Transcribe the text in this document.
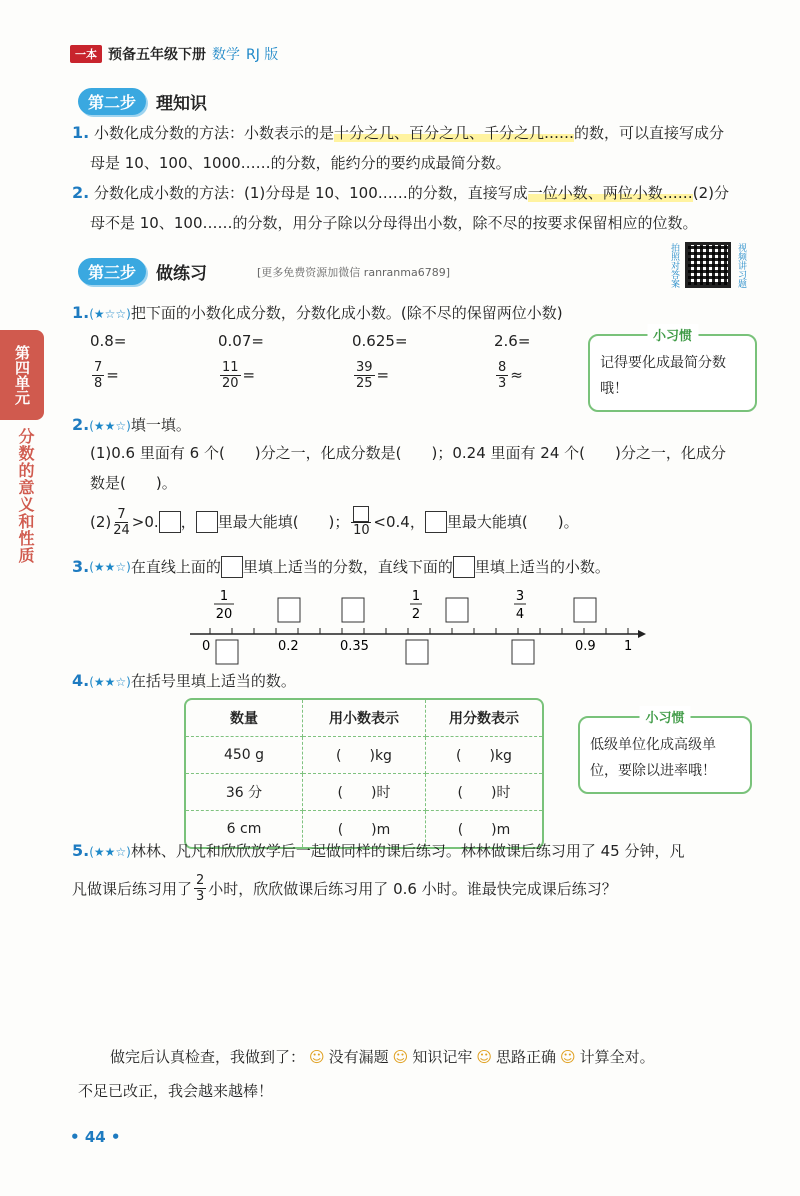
一本 预备五年级下册 数学 RJ 版
第四单元
分数的意义和性质
第二步	理知识
1. 小数化成分数的方法：小数表示的是十分之几、百分之几、千分之几……的数，可以直接写成分
母是 10、100、1000……的分数，能约分的要约成最简分数。
2. 分数化成小数的方法：(1)分母是 10、100……的分数，直接写成一位小数、两位小数……(2)分
母不是 10、100……的分数，用分子除以分母得出小数，除不尽的按要求保留相应的位数。
第三步	做练习	[更多免费资源加微信 ranranma6789]	拍照对答案	视频讲习题
1.(★☆☆)把下面的小数化成分数，分数化成小数。(除不尽的保留两位小数)
0.8=	0.07=	0.625=	2.6=
$\frac{7}{8}$ =	$\frac{11}{20}$ =	$\frac{39}{25}$ =	$\frac{8}{3}$ ≈
小习惯
记得要化成最简分数哦！
2.(★★☆)填一填。
(1)0.6 里面有 6 个(　　)分之一，化成分数是(　　)；0.24 里面有 24 个(　　)分之一，化成分
数是(　　)。
$(2) \frac{7}{24} >0$. ， 里最大能填(　　)； 10 <0.4， 里最大能填(　　)。
3. (★★☆) 在直线上面的 里填上适当的分数，直线下面的 里填上适当的小数。
0	0.2	0.35	0.9 1
1
20
1
2
3
4
4.(★★☆)在括号里填上适当的数。
数量	用小数表示	用分数表示
450 g	(　　)kg	(　　)kg
36 分	(　　)时	(　　)时
6 cm	(　　)m	(　　)m
小习惯
低级单位化成高级单位，要除以进率哦！
5.(★★☆)林林、凡凡和欣欣放学后一起做同样的课后练习。林林做课后练习用了 45 分钟，凡
凡做课后练习用了 $\frac{2}{3}$ 小时，欣欣做课后练习用了 0.6 小时。谁最快完成课后练习？
做完后认真检查，我做到了： ☺ 没有漏题 ☺ 知识记牢 ☺ 思路正确 ☺ 计算全对。
不足已改正，我会越来越棒！
• 44 •
